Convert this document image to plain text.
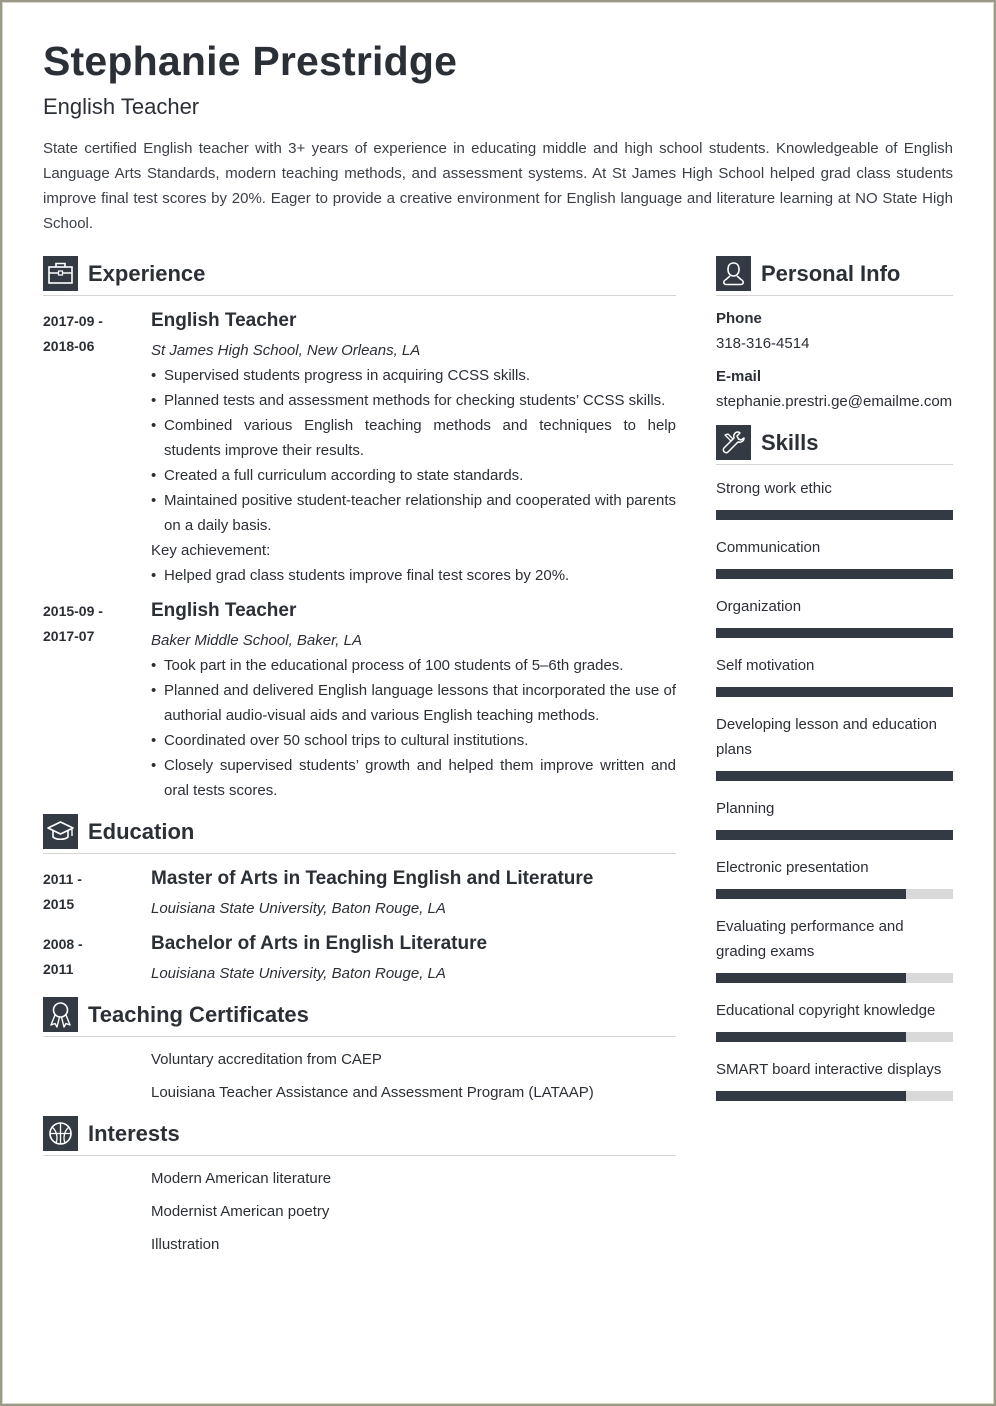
Stephanie Prestridge
English Teacher
State certified English teacher with 3+ years of experience in educating middle and high school students. Knowledgeable of English Language Arts Standards, modern teaching methods, and assessment systems. At St James High School helped grad class students improve final test scores by 20%. Eager to provide a creative environment for English language and literature learning at NO State High School.
Experience
2017-09 -
2018-06
English Teacher
St James High School, New Orleans, LA
• Supervised students progress in acquiring CCSS skills.
• Planned tests and assessment methods for checking students’ CCSS skills.
• Combined various English teaching methods and techniques to help students improve their results.
• Created a full curriculum according to state standards.
• Maintained positive student-teacher relationship and cooperated with parents on a daily basis.
Key achievement:
• Helped grad class students improve final test scores by 20%.
2015-09 -
2017-07
English Teacher
Baker Middle School, Baker, LA
• Took part in the educational process of 100 students of 5–6th grades.
• Planned and delivered English language lessons that incorporated the use of authorial audio-visual aids and various English teaching methods.
• Coordinated over 50 school trips to cultural institutions.
• Closely supervised students’ growth and helped them improve written and oral tests scores.
Education
2011 -
2015
Master of Arts in Teaching English and Literature
Louisiana State University, Baton Rouge, LA
2008 -
2011
Bachelor of Arts in English Literature
Louisiana State University, Baton Rouge, LA
Teaching Certificates
Voluntary accreditation from CAEP
Louisiana Teacher Assistance and Assessment Program (LATAAP)
Interests
Modern American literature
Modernist American poetry
Illustration
Personal Info
Phone
318-316-4514
E-mail
stephanie.prestri.ge@emailme.com
Skills
Strong work ethic
Communication
Organization
Self motivation
Developing lesson and education plans
Planning
Electronic presentation
Evaluating performance and grading exams
Educational copyright knowledge
SMART board interactive displays
